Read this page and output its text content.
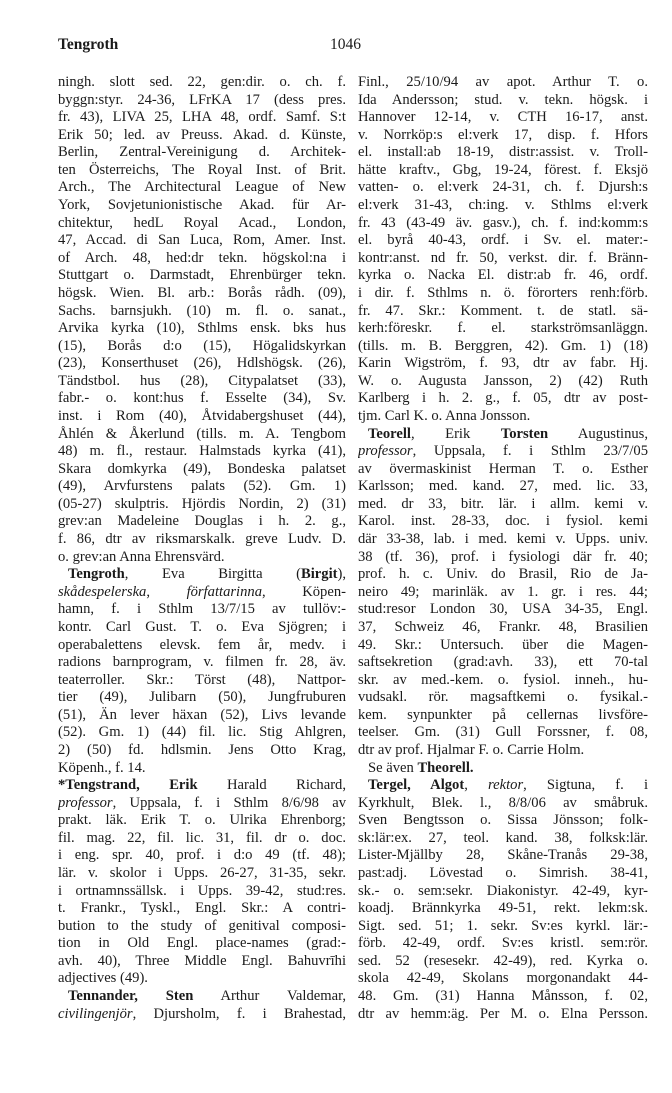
Tengroth	1046
ningh. slott sed. 22, gen:dir. o. ch. f.
byggn:styr. 24-36, LFrKA 17 (dess pres.
fr. 43), LIVA 25, LHA 48, ordf. Samf. S:t
Erik 50; led. av Preuss. Akad. d. Künste,
Berlin, Zentral-Vereinigung d. Architek-
ten Österreichs, The Royal Inst. of Brit.
Arch., The Architectural League of New
York, Sovjetunionistische Akad. für Ar-
chitektur, hedL Royal Acad., London,
47, Accad. di San Luca, Rom, Amer. Inst.
of Arch. 48, hed:dr tekn. högskol:na i
Stuttgart o. Darmstadt, Ehrenbürger tekn.
högsk. Wien. Bl. arb.: Borås rådh. (09),
Sachs. barnsjukh. (10) m. fl. o. sanat.,
Arvika kyrka (10), Sthlms ensk. bks hus
(15), Borås d:o (15), Högalidskyrkan
(23), Konserthuset (26), Hdlshögsk. (26),
Tändstbol. hus (28), Citypalatset (33),
fabr.- o. kont:hus f. Esselte (34), Sv.
inst. i Rom (40), Åtvidabergshuset (44),
Åhlén & Åkerlund (tills. m. A. Tengbom
48) m. fl., restaur. Halmstads kyrka (41),
Skara domkyrka (49), Bondeska palatset
(49), Arvfurstens palats (52). Gm. 1)
(05-27) skulptris. Hjördis Nordin, 2) (31)
grev:an Madeleine Douglas i h. 2. g.,
f. 86, dtr av riksmarskalk. greve Ludv. D.
o. grev:an Anna Ehrensvärd.
Tengroth, Eva Birgitta (Birgit),
skådespelerska, författarinna, Köpen-
hamn, f. i Sthlm 13/7/15 av tullöv:-
kontr. Carl Gust. T. o. Eva Sjögren; i
operabalettens elevsk. fem år, medv. i
radions barnprogram, v. filmen fr. 28, äv.
teaterroller. Skr.: Törst (48), Nattpor-
tier (49), Julibarn (50), Jungfruburen
(51), Än lever häxan (52), Livs levande
(52). Gm. 1) (44) fil. lic. Stig Ahlgren,
2) (50) fd. hdlsmin. Jens Otto Krag,
Köpenh., f. 14.
*Tengstrand, Erik Harald Richard,
professor, Uppsala, f. i Sthlm 8/6/98 av
prakt. läk. Erik T. o. Ulrika Ehrenborg;
fil. mag. 22, fil. lic. 31, fil. dr o. doc.
i eng. spr. 40, prof. i d:o 49 (tf. 48);
lär. v. skolor i Upps. 26-27, 31-35, sekr.
i ortnamnssällsk. i Upps. 39-42, stud:res.
t. Frankr., Tyskl., Engl. Skr.: A contri-
bution to the study of genitival composi-
tion in Old Engl. place-names (grad:-
avh. 40), Three Middle Engl. Bahuvrīhi
adjectives (49).
Tennander, Sten Arthur Valdemar,
civilingenjör, Djursholm, f. i Brahestad,
Finl., 25/10/94 av apot. Arthur T. o.
Ida Andersson; stud. v. tekn. högsk. i
Hannover 12-14, v. CTH 16-17, anst.
v. Norrköp:s el:verk 17, disp. f. Hfors
el. install:ab 18-19, distr:assist. v. Troll-
hätte kraftv., Gbg, 19-24, förest. f. Eksjö
vatten- o. el:verk 24-31, ch. f. Djursh:s
el:verk 31-43, ch:ing. v. Sthlms el:verk
fr. 43 (43-49 äv. gasv.), ch. f. ind:komm:s
el. byrå 40-43, ordf. i Sv. el. mater:-
kontr:anst. nd fr. 50, verkst. dir. f. Bränn-
kyrka o. Nacka El. distr:ab fr. 46, ordf.
i dir. f. Sthlms n. ö. förorters renh:förb.
fr. 47. Skr.: Komment. t. de statl. sä-
kerh:föreskr. f. el. starkströmsanläggn.
(tills. m. B. Berggren, 42). Gm. 1) (18)
Karin Wigström, f. 93, dtr av fabr. Hj.
W. o. Augusta Jansson, 2) (42) Ruth
Karlberg i h. 2. g., f. 05, dtr av post-
tjm. Carl K. o. Anna Jonsson.
Teorell, Erik Torsten Augustinus,
professor, Uppsala, f. i Sthlm 23/7/05
av övermaskinist Herman T. o. Esther
Karlsson; med. kand. 27, med. lic. 33,
med. dr 33, bitr. lär. i allm. kemi v.
Karol. inst. 28-33, doc. i fysiol. kemi
där 33-38, lab. i med. kemi v. Upps. univ.
38 (tf. 36), prof. i fysiologi där fr. 40;
prof. h. c. Univ. do Brasil, Rio de Ja-
neiro 49; marinläk. av 1. gr. i res. 44;
stud:resor London 30, USA 34-35, Engl.
37, Schweiz 46, Frankr. 48, Brasilien
49. Skr.: Untersuch. über die Magen-
saftsekretion (grad:avh. 33), ett 70-tal
skr. av med.-kem. o. fysiol. inneh., hu-
vudsakl. rör. magsaftkemi o. fysikal.-
kem. synpunkter på cellernas livsföre-
teelser. Gm. (31) Gull Forssner, f. 08,
dtr av prof. Hjalmar F. o. Carrie Holm.
Se även Theorell.
Tergel, Algot, rektor, Sigtuna, f. i
Kyrkhult, Blek. l., 8/8/06 av småbruk.
Sven Bengtsson o. Sissa Jönsson; folk-
sk:lär:ex. 27, teol. kand. 38, folksk:lär.
Lister-Mjällby 28, Skåne-Tranås 29-38,
past:adj. Lövestad o. Simrish. 38-41,
sk.- o. sem:sekr. Diakonistyr. 42-49, kyr-
koadj. Brännkyrka 49-51, rekt. lekm:sk.
Sigt. sed. 51; 1. sekr. Sv:es kyrkl. lär:-
förb. 42-49, ordf. Sv:es kristl. sem:rör.
sed. 52 (resesekr. 42-49), red. Kyrka o.
skola 42-49, Skolans morgonandakt 44-
48. Gm. (31) Hanna Månsson, f. 02,
dtr av hemm:äg. Per M. o. Elna Persson.
